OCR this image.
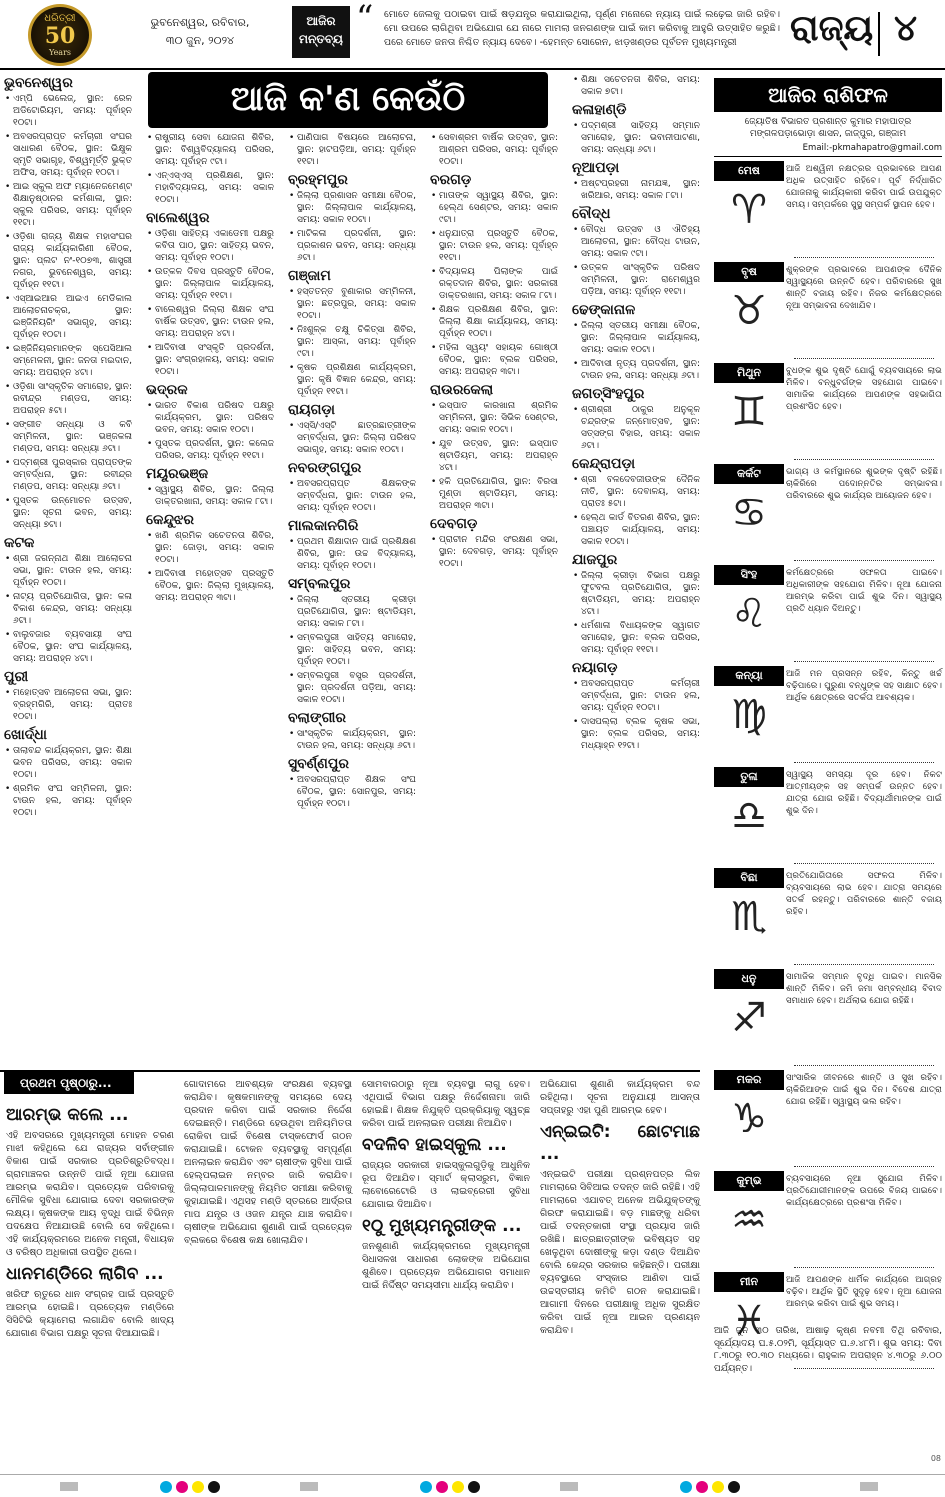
ଧରିତ୍ରୀ
50
Years
ଭୁବନେଶ୍ୱର, ରବିବାର,
୩୦ ଜୁନ, ୨୦୨୪
ଆଜିର ମନ୍ତବ୍ୟ
“ ମୋତେ ଜେଲକୁ ପଠାଇବା ପାଇଁ ଷଡ଼ଯନ୍ତ୍ର କରାଯାଇଥିଲା, ପୂର୍ଣ୍ଣ ମନୋରେ ନ୍ୟାୟ ପାଇଁ ଲଢ଼େଇ ଜାରି ରହିବ। ମୋ ଉପରେ ଲାଗିଥିବା ଅଭିଯୋଗ ଯେ ନାରେ ମାମଲା ଜନଗଣଙ୍କ ପାଇଁ କାମ କରିବାକୁ ଆହୁରି ଉତ୍ସାହିତ କରୁଛି। ପରେ ମୋତେ ଜନତା ନିଶ୍ଚିତ ନ୍ୟାୟ ଦେବେ। -ହେମନ୍ତ ସୋରେନ, ଝାଡ଼ଖଣ୍ଡର ପୂର୍ବତନ ମୁଖ୍ୟମନ୍ତ୍ରୀ	ରାଜ୍ୟ ୪
ଆଜି କ'ଣ କେଉଁଠି
ଭୁବନେଶ୍ୱର
• ଏମ୍ପି ଭେଲେଜ୍, ସ୍ଥାନ: ରେଳ ଅଡିଟୋରିୟମ, ସମୟ: ପୂର୍ବାହ୍ନ ୧୦ଟା।
• ଅବସରପ୍ରାପ୍ତ କର୍ମଚାରୀ ସଂଘର ସାଧାରଣ ବୈଠକ, ସ୍ଥାନ: ଭିକ୍ଷୁକ ସ୍ମୃତି ସଭାଗୃହ, ବିଶ୍ୱମୂର୍ତ୍ତି ଭୁକ୍ତ ଅଫିସ, ସମୟ: ପୂର୍ବାହ୍ନ ୧୦ଟା।
• ଆଇ ସ୍କୁଲ ଅଫ ମ୍ୟାନେଜମେଣ୍ଟ ଶିକ୍ଷାନୁଷ୍ଠାନର କର୍ମଶାଳା, ସ୍ଥାନ: ସ୍କୁଲ ପରିସର, ସମୟ: ପୂର୍ବାହ୍ନ ୧୧ଟା।
• ଓଡ଼ିଶା ରାଜ୍ୟ ଶିକ୍ଷକ ମହାସଂଘର ରାଜ୍ୟ କାର୍ଯ୍ୟକାରିଣୀ ବୈଠକ, ସ୍ଥାନ: ପ୍ଲଟ ନଂ-୧୦୭୩, ଶାସ୍ତ୍ରୀ ନଗର, ଭୁବନେଶ୍ୱର, ସମୟ: ପୂର୍ବାହ୍ନ ୧୧ଟା।
• ଏସ୍ଆଇଆର ଆଇଏ ମେଡିକାଲ ଆଲୋଚନାଚକ୍ର, ସ୍ଥାନ: ଇଞ୍ଜିନିୟରିଂ ସଭାଗୃହ, ସମୟ: ପୂର୍ବାହ୍ନ ୧୦ଟା।
• ଇଞ୍ଜିନିୟରମାନଙ୍କ ସ୍ପେସିଆଲ ସମ୍ମେଳନୀ, ସ୍ଥାନ: ଜନତା ମଇଦାନ, ସମୟ: ଅପରାହ୍ନ ୪ଟା।
• ଓଡ଼ିଶା ସାଂସ୍କୃତିକ ସମାରୋହ, ସ୍ଥାନ: ରବୀନ୍ଦ୍ର ମଣ୍ଡପ, ସମୟ: ଅପରାହ୍ନ ୫ଟା।
• ସଙ୍ଗୀତ ସନ୍ଧ୍ୟା ଓ କବି ସମ୍ମିଳନୀ, ସ୍ଥାନ: ଭଞ୍ଜକଳା ମଣ୍ଡପ, ସମୟ: ସନ୍ଧ୍ୟା ୬ଟା।
• ପଦ୍ମଶ୍ରୀ ପୁରସ୍କାର ପ୍ରାପ୍ତଙ୍କ ସମ୍ବର୍ଦ୍ଧନା, ସ୍ଥାନ: ରବୀନ୍ଦ୍ର ମଣ୍ଡପ, ସମୟ: ସନ୍ଧ୍ୟା ୬ଟା।
• ପୁସ୍ତକ ଉନ୍ମୋଚନ ଉତ୍ସବ, ସ୍ଥାନ: ସୂଚନା ଭବନ, ସମୟ: ସନ୍ଧ୍ୟା ୭ଟା।
କଟକ
• ଶ୍ରୀ ଜଗନ୍ନାଥ ଶିକ୍ଷା ଆଲୋଚନା ସଭା, ସ୍ଥାନ: ଟାଉନ ହଲ, ସମୟ: ପୂର୍ବାହ୍ନ ୧୦ଟା।
• ନାଟ୍ୟ ପ୍ରତିଯୋଗିତା, ସ୍ଥାନ: କଳା ବିକାଶ କେନ୍ଦ୍ର, ସମୟ: ସନ୍ଧ୍ୟା ୬ଟା।
• ବାଲୁବଜାର ବ୍ୟବସାୟୀ ସଂଘ ବୈଠକ, ସ୍ଥାନ: ସଂଘ କାର୍ଯ୍ୟାଳୟ, ସମୟ: ଅପରାହ୍ନ ୪ଟା।
ପୁରୀ
• ମହୋତ୍ସବ ଆଲୋଚନା ସଭା, ସ୍ଥାନ: ବ୍ରହ୍ମଗିରି, ସମୟ: ପ୍ରାତଃ ୧୦ଟା।
ଖୋର୍ଦ୍ଧା
• ତାଲାବନ୍ଦ କାର୍ଯ୍ୟକ୍ରମ, ସ୍ଥାନ: ଶିକ୍ଷା ଭବନ ପରିସର, ସମୟ: ସକାଳ ୧୦ଟା।
• ଶ୍ରମିକ ସଂଘ ସମ୍ମିଳନୀ, ସ୍ଥାନ: ଟାଉନ ହଲ, ସମୟ: ପୂର୍ବାହ୍ନ ୧୦ଟା।
• ରାଷ୍ଟ୍ରୀୟ ସେବା ଯୋଜନା ଶିବିର, ସ୍ଥାନ: ବିଶ୍ୱବିଦ୍ୟାଳୟ ପରିସର, ସମୟ: ପୂର୍ବାହ୍ନ ୯ଟା।
• ଏନ୍ଏସ୍ଏସ୍ ପ୍ରଶିକ୍ଷଣ, ସ୍ଥାନ: ମହାବିଦ୍ୟାଳୟ, ସମୟ: ସକାଳ ୧୦ଟା।
ବାଲେଶ୍ୱର
• ଓଡ଼ିଶା ସାହିତ୍ୟ ଏକାଡେମୀ ପକ୍ଷରୁ କବିତା ପାଠ, ସ୍ଥାନ: ସାହିତ୍ୟ ଭବନ, ସମୟ: ପୂର୍ବାହ୍ନ ୧୦ଟା।
• ଉତ୍କଳ ଦିବସ ପ୍ରସ୍ତୁତି ବୈଠକ, ସ୍ଥାନ: ଜିଲ୍ଲାପାଳ କାର୍ଯ୍ୟାଳୟ, ସମୟ: ପୂର୍ବାହ୍ନ ୧୧ଟା।
• ବାଲେଶ୍ୱର ଜିଲ୍ଲା ଶିକ୍ଷକ ସଂଘ ବାର୍ଷିକ ଉତ୍ସବ, ସ୍ଥାନ: ଟାଉନ ହଲ, ସମୟ: ଅପରାହ୍ନ ୪ଟା।
• ଆଦିବାସୀ ସଂସ୍କୃତି ପ୍ରଦର୍ଶନୀ, ସ୍ଥାନ: ସଂଗ୍ରହାଳୟ, ସମୟ: ସକାଳ ୧୦ଟା।
ଭଦ୍ରକ
• ଭାରତ ବିକାଶ ପରିଷଦ ପକ୍ଷରୁ କାର୍ଯ୍ୟକ୍ରମ, ସ୍ଥାନ: ପରିଷଦ ଭବନ, ସମୟ: ସକାଳ ୧୦ଟା।
• ପୁସ୍ତକ ପ୍ରଦର୍ଶନୀ, ସ୍ଥାନ: କଲେଜ ପରିସର, ସମୟ: ପୂର୍ବାହ୍ନ ୧୧ଟା।
ମୟୂରଭଞ୍ଜ
• ସ୍ୱାସ୍ଥ୍ୟ ଶିବିର, ସ୍ଥାନ: ଜିଲ୍ଲା ଡାକ୍ତରଖାନା, ସମୟ: ସକାଳ ୮ଟା।
କେନ୍ଦୁଝର
• ଖଣି ଶ୍ରମିକ ସଚେତନତା ଶିବିର, ସ୍ଥାନ: ଜୋଡ଼ା, ସମୟ: ସକାଳ ୧୦ଟା।
• ଆଦିବାସୀ ମହୋତ୍ସବ ପ୍ରସ୍ତୁତି ବୈଠକ, ସ୍ଥାନ: ଜିଲ୍ଲା ମୁଖ୍ୟାଳୟ, ସମୟ: ଅପରାହ୍ନ ୩ଟା।
• ପାଣିପାଗ ବିଷୟରେ ଆଲୋଚନା, ସ୍ଥାନ: ହାଟପଡ଼ିଆ, ସମୟ: ପୂର୍ବାହ୍ନ ୧୧ଟା।
ବ୍ରହ୍ମପୁର
• ଜିଲ୍ଲା ପ୍ରଶାସନ ସମୀକ୍ଷା ବୈଠକ, ସ୍ଥାନ: ଜିଲ୍ଲାପାଳ କାର୍ଯ୍ୟାଳୟ, ସମୟ: ସକାଳ ୧୦ଟା।
• ମାଟିକଳା ପ୍ରଦର୍ଶନୀ, ସ୍ଥାନ: ପ୍ରକାଶନ ଭବନ, ସମୟ: ସନ୍ଧ୍ୟା ୬ଟା।
ଗଞ୍ଜାମ
• ହସ୍ତତନ୍ତ ବୁଣାକାର ସମ୍ମିଳନୀ, ସ୍ଥାନ: ଛତ୍ରପୁର, ସମୟ: ସକାଳ ୧୦ଟା।
• ନିଃଶୁଳ୍କ ଚକ୍ଷୁ ଚିକିତ୍ସା ଶିବିର, ସ୍ଥାନ: ଆସ୍କା, ସମୟ: ପୂର୍ବାହ୍ନ ୯ଟା।
• କୃଷକ ପ୍ରଶିକ୍ଷଣ କାର୍ଯ୍ୟକ୍ରମ, ସ୍ଥାନ: କୃଷି ବିଜ୍ଞାନ କେନ୍ଦ୍ର, ସମୟ: ପୂର୍ବାହ୍ନ ୧୧ଟା।
ରାୟଗଡ଼ା
• ଏସ୍ସି/ଏସ୍ଟି ଛାତ୍ରଛାତ୍ରୀଙ୍କ ସମ୍ବର୍ଦ୍ଧନା, ସ୍ଥାନ: ଜିଲ୍ଲା ପରିଷଦ ସଭାଗୃହ, ସମୟ: ସକାଳ ୧୦ଟା।
ନବରଙ୍ଗପୁର
• ଅବସରପ୍ରାପ୍ତ ଶିକ୍ଷକଙ୍କ ସମ୍ବର୍ଦ୍ଧନା, ସ୍ଥାନ: ଟାଉନ ହଲ, ସମୟ: ପୂର୍ବାହ୍ନ ୧୦ଟା।
ମାଲକାନଗିରି
• ପ୍ରଥମ ଶିକ୍ଷାଦାନ ପାଇଁ ପ୍ରଶିକ୍ଷଣ ଶିବିର, ସ୍ଥାନ: ଉଚ୍ଚ ବିଦ୍ୟାଳୟ, ସମୟ: ପୂର୍ବାହ୍ନ ୧୦ଟା।
ସମ୍ବଲପୁର
• ଜିଲ୍ଲା ସ୍ତରୀୟ କ୍ରୀଡ଼ା ପ୍ରତିଯୋଗିତା, ସ୍ଥାନ: ଷ୍ଟାଡିୟମ, ସମୟ: ସକାଳ ୮ଟା।
• ସମ୍ବଲପୁରୀ ସାହିତ୍ୟ ସମାରୋହ, ସ୍ଥାନ: ସାହିତ୍ୟ ଭବନ, ସମୟ: ପୂର୍ବାହ୍ନ ୧୦ଟା।
• ସମ୍ବଲପୁରୀ ବସ୍ତ୍ର ପ୍ରଦର୍ଶନୀ, ସ୍ଥାନ: ପ୍ରଦର୍ଶନୀ ପଡ଼ିଆ, ସମୟ: ସକାଳ ୧୦ଟା।
ବଲାଙ୍ଗୀର
• ସାଂସ୍କୃତିକ କାର୍ଯ୍ୟକ୍ରମ, ସ୍ଥାନ: ଟାଉନ ହଲ, ସମୟ: ସନ୍ଧ୍ୟା ୬ଟା।
ସୁବର୍ଣ୍ଣପୁର
• ଅବସରପ୍ରାପ୍ତ ଶିକ୍ଷକ ସଂଘ ବୈଠକ, ସ୍ଥାନ: ସୋନପୁର, ସମୟ: ପୂର୍ବାହ୍ନ ୧୦ଟା।
• ସେବାଶ୍ରମ ବାର୍ଷିକ ଉତ୍ସବ, ସ୍ଥାନ: ଆଶ୍ରମ ପରିସର, ସମୟ: ପୂର୍ବାହ୍ନ ୧୦ଟା।
ବରଗଡ଼
• ମାତାଙ୍କ ସ୍ୱାସ୍ଥ୍ୟ ଶିବିର, ସ୍ଥାନ: ହେଲ୍ଥ ସେଣ୍ଟର, ସମୟ: ସକାଳ ୯ଟା।
• ଧନୁଯାତ୍ରା ପ୍ରସ୍ତୁତି ବୈଠକ, ସ୍ଥାନ: ଟାଉନ ହଲ, ସମୟ: ପୂର୍ବାହ୍ନ ୧୧ଟା।
• ବିଦ୍ୟାଳୟ ପିଲାଙ୍କ ପାଇଁ ରକ୍ତଦାନ ଶିବିର, ସ୍ଥାନ: ସରକାରୀ ଡାକ୍ତରଖାନା, ସମୟ: ସକାଳ ୮ଟା।
• ଶିକ୍ଷକ ପ୍ରଶିକ୍ଷଣ ଶିବିର, ସ୍ଥାନ: ଜିଲ୍ଲା ଶିକ୍ଷା କାର୍ଯ୍ୟାଳୟ, ସମୟ: ପୂର୍ବାହ୍ନ ୧୦ଟା।
• ମହିଳା ସ୍ୱୟଂ ସହାୟକ ଗୋଷ୍ଠୀ ବୈଠକ, ସ୍ଥାନ: ବ୍ଲକ ପରିସର, ସମୟ: ଅପରାହ୍ନ ୩ଟା।
ରାଉରକେଲା
• ଇସ୍ପାତ କାରଖାନା ଶ୍ରମିକ ସମ୍ମିଳନୀ, ସ୍ଥାନ: ସିଭିକ ସେଣ୍ଟର, ସମୟ: ସକାଳ ୧୦ଟା।
• ଯୁବ ଉତ୍ସବ, ସ୍ଥାନ: ଇସ୍ପାତ ଷ୍ଟାଡିୟମ, ସମୟ: ଅପରାହ୍ନ ୪ଟା।
• ହକି ପ୍ରତିଯୋଗିତା, ସ୍ଥାନ: ବିରସା ମୁଣ୍ଡା ଷ୍ଟାଡିୟମ, ସମୟ: ଅପରାହ୍ନ ୩ଟା।
ଦେବଗଡ଼
• ପ୍ରାଚୀନ ମନ୍ଦିର ସଂରକ୍ଷଣ ସଭା, ସ୍ଥାନ: ଦେବଗଡ଼, ସମୟ: ପୂର୍ବାହ୍ନ ୧୦ଟା।
• ଶିକ୍ଷା ସଚେତନତା ଶିବିର, ସମୟ: ସକାଳ ୭ଟା।
କଳାହାଣ୍ଡି
• ପଦ୍ମଶ୍ରୀ ସାହିତ୍ୟ ସମ୍ମାନ ସମାରୋହ, ସ୍ଥାନ: ଭବାନୀପାଟଣା, ସମୟ: ସନ୍ଧ୍ୟା ୬ଟା।
ନୂଆପଡ଼ା
• ଅଷ୍ଟପ୍ରହରୀ ନାମଯଜ୍ଞ, ସ୍ଥାନ: ଖରିଆର, ସମୟ: ସକାଳ ୮ଟା।
ବୌଦ୍ଧ
• ବୌଦ୍ଧ ଉତ୍ସବ ଓ ଐତିହ୍ୟ ଆଲୋଚନା, ସ୍ଥାନ: ବୌଦ୍ଧ ଟାଉନ, ସମୟ: ସକାଳ ୯ଟା।
• ଉତ୍କଳ ସାଂସ୍କୃତିକ ପରିଷଦ ସମ୍ମିଳନୀ, ସ୍ଥାନ: ରାମେଶ୍ୱର ପଡ଼ିଆ, ସମୟ: ପୂର୍ବାହ୍ନ ୧୧ଟା।
ଢେଙ୍କାନାଳ
• ଜିଲ୍ଲା ସ୍ତରୀୟ ସମୀକ୍ଷା ବୈଠକ, ସ୍ଥାନ: ଜିଲ୍ଲାପାଳ କାର୍ଯ୍ୟାଳୟ, ସମୟ: ସକାଳ ୧୦ଟା।
• ଆଦିବାସୀ ନୃତ୍ୟ ପ୍ରଦର୍ଶନୀ, ସ୍ଥାନ: ଟାଉନ ହଲ, ସମୟ: ସନ୍ଧ୍ୟା ୬ଟା।
ଜଗତ୍‌ସିଂହପୁର
• ଶ୍ରୀଶ୍ରୀ ଠାକୁର ଅନୁକୂଳ ଚନ୍ଦ୍ରଙ୍କ ଜନ୍ମୋତ୍ସବ, ସ୍ଥାନ: ସତ୍ସଙ୍ଗ ବିହାର, ସମୟ: ସକାଳ ୬ଟା।
କେନ୍ଦ୍ରାପଡ଼ା
• ଶ୍ରୀ ବଳଦେବଜୀଉଙ୍କ ଦୈନିକ ନୀତି, ସ୍ଥାନ: ଦେବାଳୟ, ସମୟ: ପ୍ରାତଃ ୫ଟା।
• ହେଲ୍ଥ କାର୍ଡ ବିତରଣ ଶିବିର, ସ୍ଥାନ: ପଞ୍ଚାୟତ କାର୍ଯ୍ୟାଳୟ, ସମୟ: ସକାଳ ୧୦ଟା।
ଯାଜପୁର
• ଜିଲ୍ଲା କ୍ରୀଡ଼ା ବିଭାଗ ପକ୍ଷରୁ ଫୁଟବଲ ପ୍ରତିଯୋଗିତା, ସ୍ଥାନ: ଷ୍ଟାଡିୟମ, ସମୟ: ଅପରାହ୍ନ ୪ଟା।
• ଧର୍ମଶାଳା ବିଧାୟକଙ୍କ ସ୍ୱାଗତ ସମାରୋହ, ସ୍ଥାନ: ବ୍ଲକ ପରିସର, ସମୟ: ପୂର୍ବାହ୍ନ ୧୧ଟା।
ନୟାଗଡ଼
• ଅବସରପ୍ରାପ୍ତ କର୍ମଚାରୀ ସମ୍ବର୍ଦ୍ଧନା, ସ୍ଥାନ: ଟାଉନ ହଲ, ସମୟ: ପୂର୍ବାହ୍ନ ୧୦ଟା।
• ଦାସପଲ୍ଲା ବ୍ଲକ କୃଷକ ସଭା, ସ୍ଥାନ: ବ୍ଲକ ପରିସର, ସମୟ: ମଧ୍ୟାହ୍ନ ୧୨ଟା।
ଆଜିର ରାଶିଫଳ
ଜ୍ୟୋତିଷ ବିଭାରତ ପ୍ରଶାନ୍ତ କୁମାର ମହାପାତ୍ର ମଙ୍ଗଳପଡ଼ାଭୋଡ଼ା ଶାସନ, ଜାଜ୍ପୁର, ଗଞ୍ଜାମ
Email:-pkmahapatro@gmail.com
ମେଷ
♈
ଆଜି ଅଶ୍ୱିନୀ ନକ୍ଷତ୍ରର ପ୍ରଭାବରେ ଆପଣ ଅଧିକ ଉତ୍ସାହିତ ରହିବେ। ପୂର୍ବ ନିର୍ଦ୍ଧାରିତ ଯୋଜନାକୁ କାର୍ଯ୍ୟକାରୀ କରିବା ପାଇଁ ଉପଯୁକ୍ତ ସମୟ। ସମ୍ପର୍କରେ ସୁସ୍ଥ ସମ୍ପର୍କ ସ୍ଥାପନ ହେବ।
ବୃଷ
♉
ଶୁକ୍ରଙ୍କ ପ୍ରଭାବରେ ଆପଣଙ୍କ ଦୈନିକ ସ୍ୱାସ୍ଥ୍ୟରେ ଉନ୍ନତି ହେବ। ପରିବାରରେ ସୁଖ ଶାନ୍ତି ବଜାୟ ରହିବ। ନିଜର କର୍ମକ୍ଷେତ୍ରରେ ନୂଆ ସମ୍ଭାବନା ଦେଖାଯିବ।
ମିଥୁନ
♊
ବୁଧଙ୍କ ଶୁଭ ଦୃଷ୍ଟି ଯୋଗୁଁ ବ୍ୟବସାୟରେ ଲାଭ ମିଳିବ। ବନ୍ଧୁବର୍ଗଙ୍କ ସହଯୋଗ ପାଇବେ। ସାମାଜିକ କାର୍ଯ୍ୟରେ ଆପଣଙ୍କ ସହଭାଗିତା ପ୍ରଶଂସିତ ହେବ।
କର୍କଟ
♋
ଭାଗ୍ୟ ଓ କର୍ମସ୍ଥାନରେ ଶୁଭଙ୍କ ଦୃଷ୍ଟି ରହିଛି। ଚାକିରିରେ ପଦୋନ୍ନତିର ସମ୍ଭାବନା। ପରିବାରରେ ଶୁଭ କାର୍ଯ୍ୟର ଆୟୋଜନ ହେବ।
ସିଂହ
♌
କର୍ମକ୍ଷେତ୍ରରେ ସଫଳତା ପାଇବେ। ଅଧିକାରୀଙ୍କ ସହଯୋଗ ମିଳିବ। ନୂଆ ଯୋଜନା ଆରମ୍ଭ କରିବା ପାଇଁ ଶୁଭ ଦିନ। ସ୍ୱାସ୍ଥ୍ୟ ପ୍ରତି ଧ୍ୟାନ ଦିଅନ୍ତୁ।
କନ୍ୟା
♍
ଆଜି ମନ ପ୍ରସନ୍ନ ରହିବ, କିନ୍ତୁ ଖର୍ଚ୍ଚ ବଢ଼ିପାରେ। ପୁରୁଣା ବନ୍ଧୁଙ୍କ ସହ ସାକ୍ଷାତ ହେବ। ଆର୍ଥିକ କ୍ଷେତ୍ରରେ ସତର୍କତା ଆବଶ୍ୟକ।
ତୁଳା
♎
ସ୍ୱାସ୍ଥ୍ୟ ସମସ୍ୟା ଦୂର ହେବ। ନିକଟ ଆତ୍ମୀୟଙ୍କ ସହ ସମ୍ପର୍କ ଉନ୍ନତ ହେବ। ଯାତ୍ରା ଯୋଗ ରହିଛି। ବିଦ୍ୟାର୍ଥୀମାନଙ୍କ ପାଇଁ ଶୁଭ ଦିନ।
ବିଛା
♏
ପ୍ରତିଯୋଗିତାରେ ସଫଳତା ମିଳିବ। ବ୍ୟବସାୟରେ ଲାଭ ହେବ। ଯାତ୍ରା ସମୟରେ ସତର୍କ ରହନ୍ତୁ। ପରିବାରରେ ଶାନ୍ତି ବଜାୟ ରହିବ।
ଧନୁ
♐
ସାମାଜିକ ସମ୍ମାନ ବୃଦ୍ଧି ପାଇବ। ମାନସିକ ଶାନ୍ତି ମିଳିବ। ଜମି ଜମା ସମ୍ବନ୍ଧୀୟ ବିବାଦ ସମାଧାନ ହେବ। ଅର୍ଥଲାଭ ଯୋଗ ରହିଛି।
ମକର
♑
ସାଂସାରିକ ଜୀବନରେ ଶାନ୍ତି ଓ ସୁଖ ରହିବ। ଚାକିରିଆଙ୍କ ପାଇଁ ଶୁଭ ଦିନ। ବିଦେଶ ଯାତ୍ରା ଯୋଗ ରହିଛି। ସ୍ୱାସ୍ଥ୍ୟ ଭଲ ରହିବ।
କୁମ୍ଭ
♒
ବ୍ୟବସାୟରେ ନୂଆ ସୁଯୋଗ ମିଳିବ। ପ୍ରତିଯୋଗୀମାନଙ୍କ ଉପରେ ବିଜୟ ପାଇବେ। କାର୍ଯ୍ୟକ୍ଷେତ୍ରରେ ପ୍ରଶଂସା ମିଳିବ।
ମୀନ
♓
ଆଜି ଆପଣଙ୍କ ଧାର୍ମିକ କାର୍ଯ୍ୟରେ ଆଗ୍ରହ ବଢ଼ିବ। ଆର୍ଥିକ ସ୍ଥିତି ସୁଦୃଢ଼ ହେବ। ନୂଆ ଯୋଜନା ଆରମ୍ଭ କରିବା ପାଇଁ ଶୁଭ ସମୟ।
ପ୍ରଥମ ପୃଷ୍ଠାରୁ...
ଆରମ୍ଭ କଲେ ...

ଏହି ଅବସରରେ ମୁଖ୍ୟମନ୍ତ୍ରୀ ମୋହନ ଚରଣ ମାଝୀ କହିଥିଲେ ଯେ ରାଜ୍ୟର ସର୍ବାଙ୍ଗୀନ ବିକାଶ ପାଇଁ ସରକାର ପ୍ରତିଶ୍ରୁତିବଦ୍ଧ। ଗ୍ରାମାଞ୍ଚଳର ଉନ୍ନତି ପାଇଁ ନୂଆ ଯୋଜନା ଆରମ୍ଭ କରାଯିବ। ପ୍ରତ୍ୟେକ ପରିବାରକୁ ମୌଳିକ ସୁବିଧା ଯୋଗାଇ ଦେବା ସରକାରଙ୍କ ଲକ୍ଷ୍ୟ। କୃଷକଙ୍କ ଆୟ ବୃଦ୍ଧି ପାଇଁ ବିଭିନ୍ନ ପଦକ୍ଷେପ ନିଆଯାଉଛି ବୋଲି ସେ କହିଥିଲେ। ଏହି କାର୍ଯ୍ୟକ୍ରମରେ ଅନେକ ମନ୍ତ୍ରୀ, ବିଧାୟକ ଓ ବରିଷ୍ଠ ଅଧିକାରୀ ଉପସ୍ଥିତ ଥିଲେ।

ଧାନମଣ୍ଡିରେ ଲାଗିବ ...

ଖରିଫ ଋତୁରେ ଧାନ ସଂଗ୍ରହ ପାଇଁ ପ୍ରସ୍ତୁତି ଆରମ୍ଭ ହୋଇଛି। ପ୍ରତ୍ୟେକ ମଣ୍ଡିରେ ସିସିଟିଭି କ୍ୟାମେରା ଲଗାଯିବ ବୋଲି ଖାଦ୍ୟ ଯୋଗାଣ ବିଭାଗ ପକ୍ଷରୁ ସୂଚନା ଦିଆଯାଇଛି।

ଗୋଦାମରେ ଆବଶ୍ୟକ ସଂରକ୍ଷଣ ବ୍ୟବସ୍ଥା କରାଯିବ। କୃଷକମାନଙ୍କୁ ସମୟରେ ଦେୟ ପ୍ରଦାନ କରିବା ପାଇଁ ସରକାର ନିର୍ଦ୍ଦେଶ ଦେଇଛନ୍ତି। ମଣ୍ଡିରେ ହେଉଥିବା ଅନିୟମିତତା ରୋକିବା ପାଇଁ ବିଶେଷ ଟାସ୍କଫୋର୍ସ ଗଠନ କରାଯାଇଛି। ଟୋକନ ବ୍ୟବସ୍ଥାକୁ ସମ୍ପୂର୍ଣ୍ଣ ଅନଲାଇନ କରାଯିବ ଏବଂ ଚାଷୀଙ୍କ ସୁବିଧା ପାଇଁ ହେଲ୍ପଲାଇନ ନମ୍ବର ଜାରି କରାଯିବ। ଜିଲ୍ଲାପାଳମାନଙ୍କୁ ନିୟମିତ ସମୀକ୍ଷା କରିବାକୁ କୁହାଯାଇଛି। ଏଥିସହ ମଣ୍ଡି ସ୍ତରରେ ଆର୍ଦ୍ରତା ମାପ ଯନ୍ତ୍ର ଓ ଓଜନ ଯନ୍ତ୍ର ଯାଞ୍ଚ କରାଯିବ। ଚାଷୀଙ୍କ ଅଭିଯୋଗ ଶୁଣାଣି ପାଇଁ ପ୍ରତ୍ୟେକ ବ୍ଲକରେ ବିଶେଷ କକ୍ଷ ଖୋଲାଯିବ।

ସୋମବାରଠାରୁ ନୂଆ ବ୍ୟବସ୍ଥା ଲାଗୁ ହେବ। ଏଥିପାଇଁ ବିଭାଗ ପକ୍ଷରୁ ନିର୍ଦ୍ଦେଶନାମା ଜାରି ହୋଇଛି। ଶିକ୍ଷକ ନିଯୁକ୍ତି ପ୍ରକ୍ରିୟାକୁ ସ୍ୱଚ୍ଛ କରିବା ପାଇଁ ଅନଲାଇନ ପରୀକ୍ଷା ନିଆଯିବ।

ବଦଳିବ ହାଇସ୍କୁଲ ...

ରାଜ୍ୟର ସରକାରୀ ହାଇସ୍କୁଲଗୁଡ଼ିକୁ ଆଧୁନିକ ରୂପ ଦିଆଯିବ। ସ୍ମାର୍ଟ କ୍ଲାସରୁମ, ବିଜ୍ଞାନ ଲାବୋରେଟୋରି ଓ ଲାଇବ୍ରେରୀ ସୁବିଧା ଯୋଗାଇ ଦିଆଯିବ।

୧୦ୁ ମୁଖ୍ୟମନ୍ତ୍ରୀଙ୍କ ...

ଜନଶୁଣାଣି କାର୍ଯ୍ୟକ୍ରମରେ ମୁଖ୍ୟମନ୍ତ୍ରୀ ସିଧାସଳଖ ସାଧାରଣ ଲୋକଙ୍କ ଅଭିଯୋଗ ଶୁଣିବେ। ପ୍ରତ୍ୟେକ ଅଭିଯୋଗର ସମାଧାନ ପାଇଁ ନିର୍ଦ୍ଦିଷ୍ଟ ସମୟସୀମା ଧାର୍ଯ୍ୟ କରାଯିବ।

ଅଭିଯୋଗ ଶୁଣାଣି କାର୍ଯ୍ୟକ୍ରମ ବନ୍ଦ ରହିଥିଲା। ସୂଚନା ଅନୁଯାୟୀ ଆସନ୍ତା ସପ୍ତାହରୁ ଏହା ପୁଣି ଆରମ୍ଭ ହେବ।

ଏନ୍ଇଇଟି: ଛୋଟମାଛ ...

ଏନ୍ଇଇଟି ପରୀକ୍ଷା ପ୍ରଶ୍ନପତ୍ର ଲିକ ମାମଲାରେ ସିବିଆଇ ତଦନ୍ତ ଜାରି ରହିଛି। ଏହି ମାମଲାରେ ଏଯାବତ୍ ଅନେକ ଅଭିଯୁକ୍ତଙ୍କୁ ଗିରଫ କରାଯାଇଛି। ବଡ଼ ମାଛଙ୍କୁ ଧରିବା ପାଇଁ ତଦନ୍ତକାରୀ ସଂସ୍ଥା ପ୍ରୟାସ ଜାରି ରଖିଛି। ଛାତ୍ରଛାତ୍ରୀଙ୍କ ଭବିଷ୍ୟତ ସହ ଖେଳୁଥିବା ଦୋଷୀଙ୍କୁ କଡ଼ା ଦଣ୍ଡ ଦିଆଯିବ ବୋଲି କେନ୍ଦ୍ର ସରକାର କହିଛନ୍ତି। ପରୀକ୍ଷା ବ୍ୟବସ୍ଥାରେ ସଂସ୍କାର ଆଣିବା ପାଇଁ ଉଚ୍ଚସ୍ତରୀୟ କମିଟି ଗଠନ କରାଯାଇଛି। ଆଗାମୀ ଦିନରେ ପରୀକ୍ଷାକୁ ଅଧିକ ସୁରକ୍ଷିତ କରିବା ପାଇଁ ନୂଆ ଆଇନ ପ୍ରଣୟନ କରାଯିବ।	ଆଜି ଜୁନ ୩୦ ତାରିଖ, ଆଷାଢ଼ କୃଷ୍ଣ ନବମୀ ତିଥି ରବିବାର, ସୂର୍ଯ୍ୟୋଦୟ ଘ.୫.୦୨ମି, ସୂର୍ଯ୍ୟାସ୍ତ ଘ.୬.୪୮ମି। ଶୁଭ ସମୟ: ଦିବା ୮.୩୦ରୁ ୧୦.୩୦ ମଧ୍ୟରେ। ରାହୁକାଳ ଅପରାହ୍ନ ୪.୩୦ରୁ ୬.୦୦ ପର୍ଯ୍ୟନ୍ତ।
08
